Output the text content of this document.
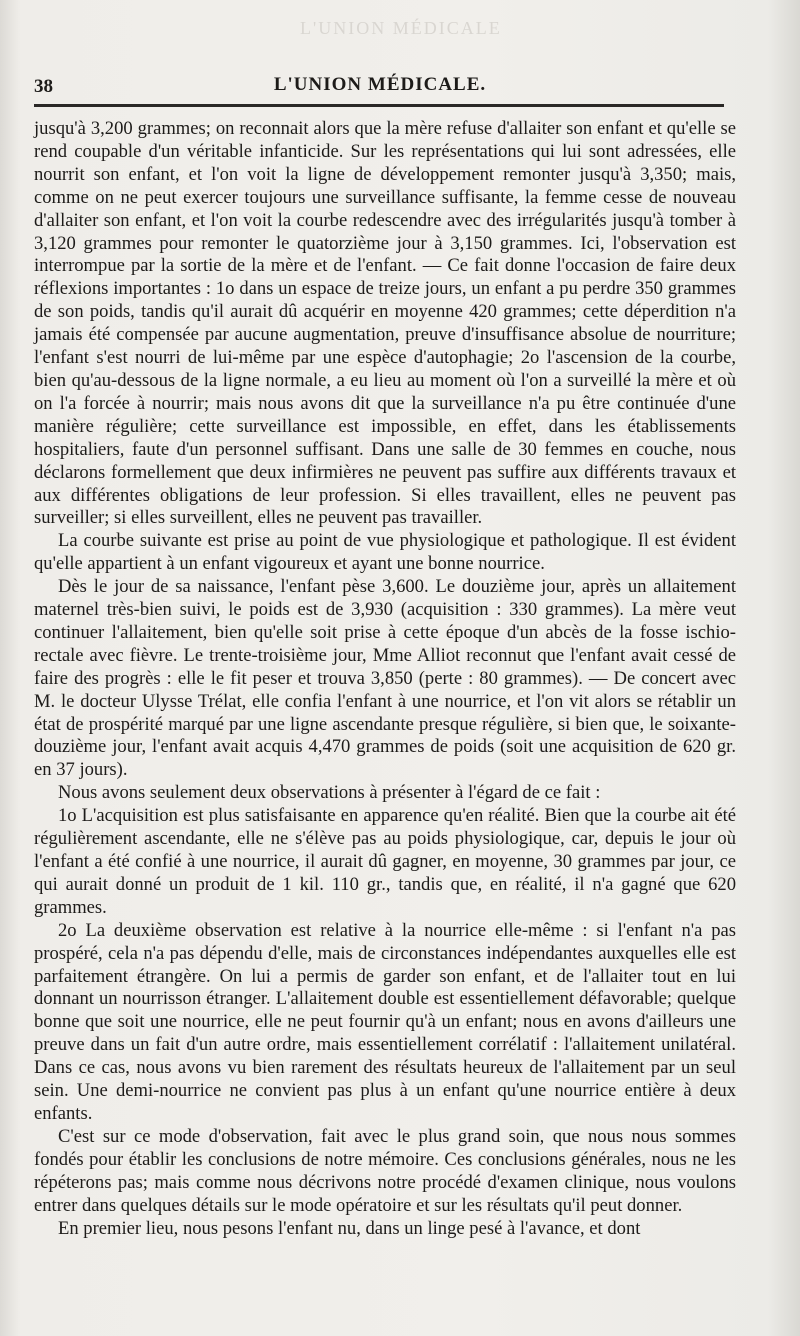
L'UNION MÉDICALE
38	L'UNION MÉDICALE.

jusqu'à 3,200 grammes; on reconnait alors que la mère refuse d'allaiter son enfant et qu'elle se rend coupable d'un véritable infanticide. Sur les représentations qui lui sont adressées, elle nourrit son enfant, et l'on voit la ligne de développement remonter jusqu'à 3,350; mais, comme on ne peut exercer toujours une surveillance suffisante, la femme cesse de nouveau d'allaiter son enfant, et l'on voit la courbe redescendre avec des irrégularités jusqu'à tomber à 3,120 grammes pour remonter le quatorzième jour à 3,150 grammes. Ici, l'observation est interrompue par la sortie de la mère et de l'enfant. — Ce fait donne l'occasion de faire deux réflexions importantes : 1o dans un espace de treize jours, un enfant a pu perdre 350 grammes de son poids, tandis qu'il aurait dû acquérir en moyenne 420 grammes; cette déperdition n'a jamais été compensée par aucune augmentation, preuve d'insuffisance absolue de nourriture; l'enfant s'est nourri de lui-même par une espèce d'autophagie; 2o l'ascension de la courbe, bien qu'au-dessous de la ligne normale, a eu lieu au moment où l'on a surveillé la mère et où on l'a forcée à nourrir; mais nous avons dit que la surveillance n'a pu être continuée d'une manière régulière; cette surveillance est impossible, en effet, dans les établissements hospitaliers, faute d'un personnel suffisant. Dans une salle de 30 femmes en couche, nous déclarons formellement que deux infirmières ne peuvent pas suffire aux différents travaux et aux différentes obligations de leur profession. Si elles travaillent, elles ne peuvent pas surveiller; si elles surveillent, elles ne peuvent pas travailler.

La courbe suivante est prise au point de vue physiologique et pathologique. Il est évident qu'elle appartient à un enfant vigoureux et ayant une bonne nourrice.

Dès le jour de sa naissance, l'enfant pèse 3,600. Le douzième jour, après un allaitement maternel très-bien suivi, le poids est de 3,930 (acquisition : 330 grammes). La mère veut continuer l'allaitement, bien qu'elle soit prise à cette époque d'un abcès de la fosse ischio-rectale avec fièvre. Le trente-troisième jour, Mme Alliot reconnut que l'enfant avait cessé de faire des progrès : elle le fit peser et trouva 3,850 (perte : 80 grammes). — De concert avec M. le docteur Ulysse Trélat, elle confia l'enfant à une nourrice, et l'on vit alors se rétablir un état de prospérité marqué par une ligne ascendante presque régulière, si bien que, le soixante-douzième jour, l'enfant avait acquis 4,470 grammes de poids (soit une acquisition de 620 gr. en 37 jours).

Nous avons seulement deux observations à présenter à l'égard de ce fait :

1o L'acquisition est plus satisfaisante en apparence qu'en réalité. Bien que la courbe ait été régulièrement ascendante, elle ne s'élève pas au poids physiologique, car, depuis le jour où l'enfant a été confié à une nourrice, il aurait dû gagner, en moyenne, 30 grammes par jour, ce qui aurait donné un produit de 1 kil. 110 gr., tandis que, en réalité, il n'a gagné que 620 grammes.

2o La deuxième observation est relative à la nourrice elle-même : si l'enfant n'a pas prospéré, cela n'a pas dépendu d'elle, mais de circonstances indépendantes auxquelles elle est parfaitement étrangère. On lui a permis de garder son enfant, et de l'allaiter tout en lui donnant un nourrisson étranger. L'allaitement double est essentiellement défavorable; quelque bonne que soit une nourrice, elle ne peut fournir qu'à un enfant; nous en avons d'ailleurs une preuve dans un fait d'un autre ordre, mais essentiellement corrélatif : l'allaitement unilatéral. Dans ce cas, nous avons vu bien rarement des résultats heureux de l'allaitement par un seul sein. Une demi-nourrice ne convient pas plus à un enfant qu'une nourrice entière à deux enfants.

C'est sur ce mode d'observation, fait avec le plus grand soin, que nous nous sommes fondés pour établir les conclusions de notre mémoire. Ces conclusions générales, nous ne les répéterons pas; mais comme nous décrivons notre procédé d'examen clinique, nous voulons entrer dans quelques détails sur le mode opératoire et sur les résultats qu'il peut donner.

En premier lieu, nous pesons l'enfant nu, dans un linge pesé à l'avance, et dont
